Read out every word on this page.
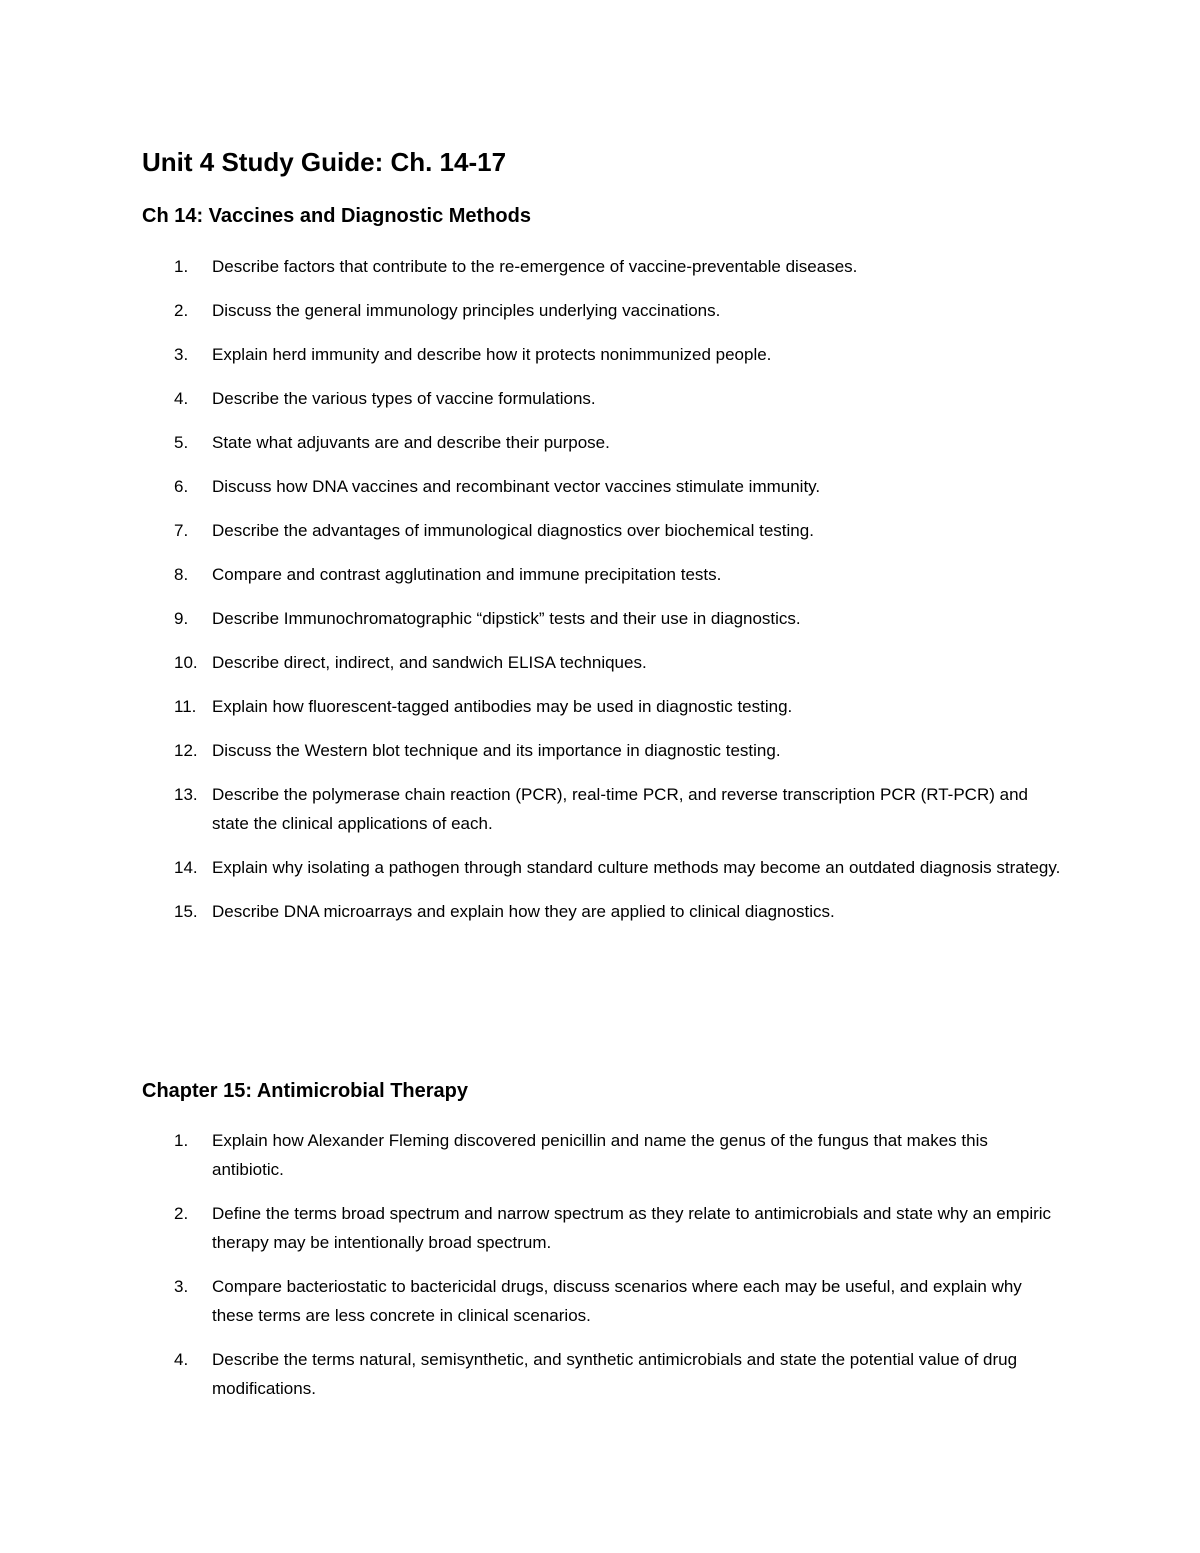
Unit 4 Study Guide: Ch. 14-17
Ch 14: Vaccines and Diagnostic Methods
1.	Describe factors that contribute to the re-emergence of vaccine-preventable diseases.
2.	Discuss the general immunology principles underlying vaccinations.
3.	Explain herd immunity and describe how it protects nonimmunized people.
4.	Describe the various types of vaccine formulations.
5.	State what adjuvants are and describe their purpose.
6.	Discuss how DNA vaccines and recombinant vector vaccines stimulate immunity.
7.	Describe the advantages of immunological diagnostics over biochemical testing.
8.	Compare and contrast agglutination and immune precipitation tests.
9.	Describe Immunochromatographic “dipstick” tests and their use in diagnostics.
10. Describe direct, indirect, and sandwich ELISA techniques.
11. Explain how fluorescent-tagged antibodies may be used in diagnostic testing.
12. Discuss the Western blot technique and its importance in diagnostic testing.
13. Describe the polymerase chain reaction (PCR), real-time PCR, and reverse transcription PCR (RT-PCR) and state the clinical applications of each.
14. Explain why isolating a pathogen through standard culture methods may become an outdated diagnosis strategy.
15. Describe DNA microarrays and explain how they are applied to clinical diagnostics.
Chapter 15: Antimicrobial Therapy
1.	Explain how Alexander Fleming discovered penicillin and name the genus of the fungus that makes this antibiotic.
2.	Define the terms broad spectrum and narrow spectrum as they relate to antimicrobials and state why an empiric therapy may be intentionally broad spectrum.
3.	Compare bacteriostatic to bactericidal drugs, discuss scenarios where each may be useful, and explain why these terms are less concrete in clinical scenarios.
4.	Describe the terms natural, semisynthetic, and synthetic antimicrobials and state the potential value of drug modifications.
